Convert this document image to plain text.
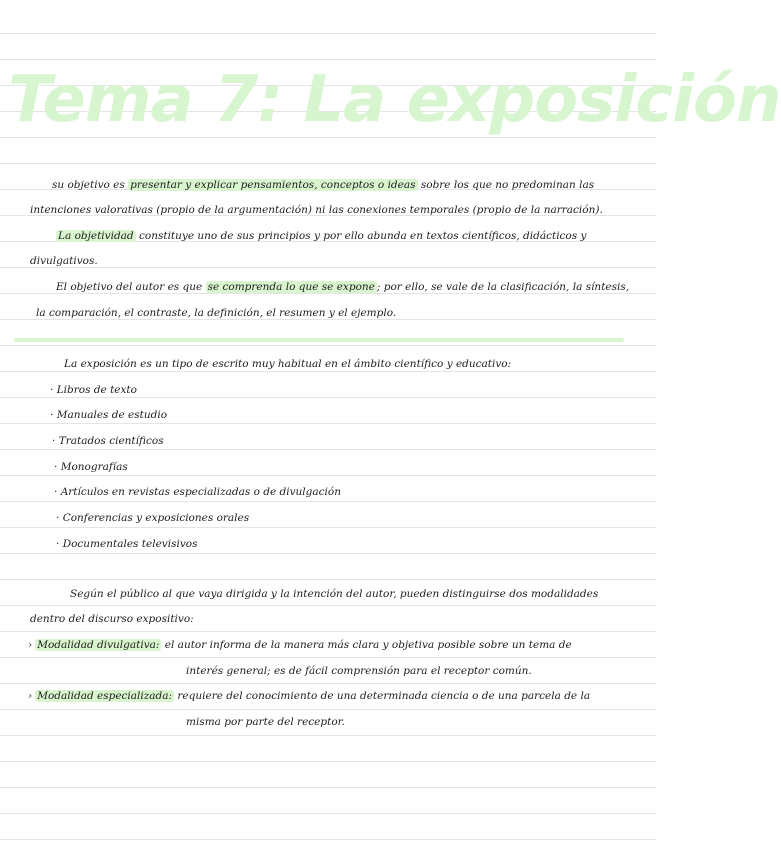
Tema 7: La exposición
su objetivo es presentar y explicar pensamientos, conceptos o ideas sobre los que no predominan las
intenciones valorativas (propio de la argumentación) ni las conexiones temporales (propio de la narración).
La objetividad constituye uno de sus principios y por ello abunda en textos científicos, didácticos y
divulgativos.
El objetivo del autor es que se comprenda lo que se expone ; por ello, se vale de la clasificación, la síntesis,
la comparación, el contraste, la definición, el resumen y el ejemplo.
La exposición es un tipo de escrito muy habitual en el ámbito científico y educativo:
· Libros de texto
· Manuales de estudio
· Tratados científicos
· Monografías
· Artículos en revistas especializadas o de divulgación
· Conferencias y exposiciones orales
· Documentales televisivos
Según el público al que vaya dirigida y la intención del autor, pueden distinguirse dos modalidades
dentro del discurso expositivo:
› Modalidad divulgativa: el autor informa de la manera más clara y objetiva posible sobre un tema de
interés general; es de fácil comprensión para el receptor común.
› Modalidad especializada: requiere del conocimiento de una determinada ciencia o de una parcela de la
misma por parte del receptor.
